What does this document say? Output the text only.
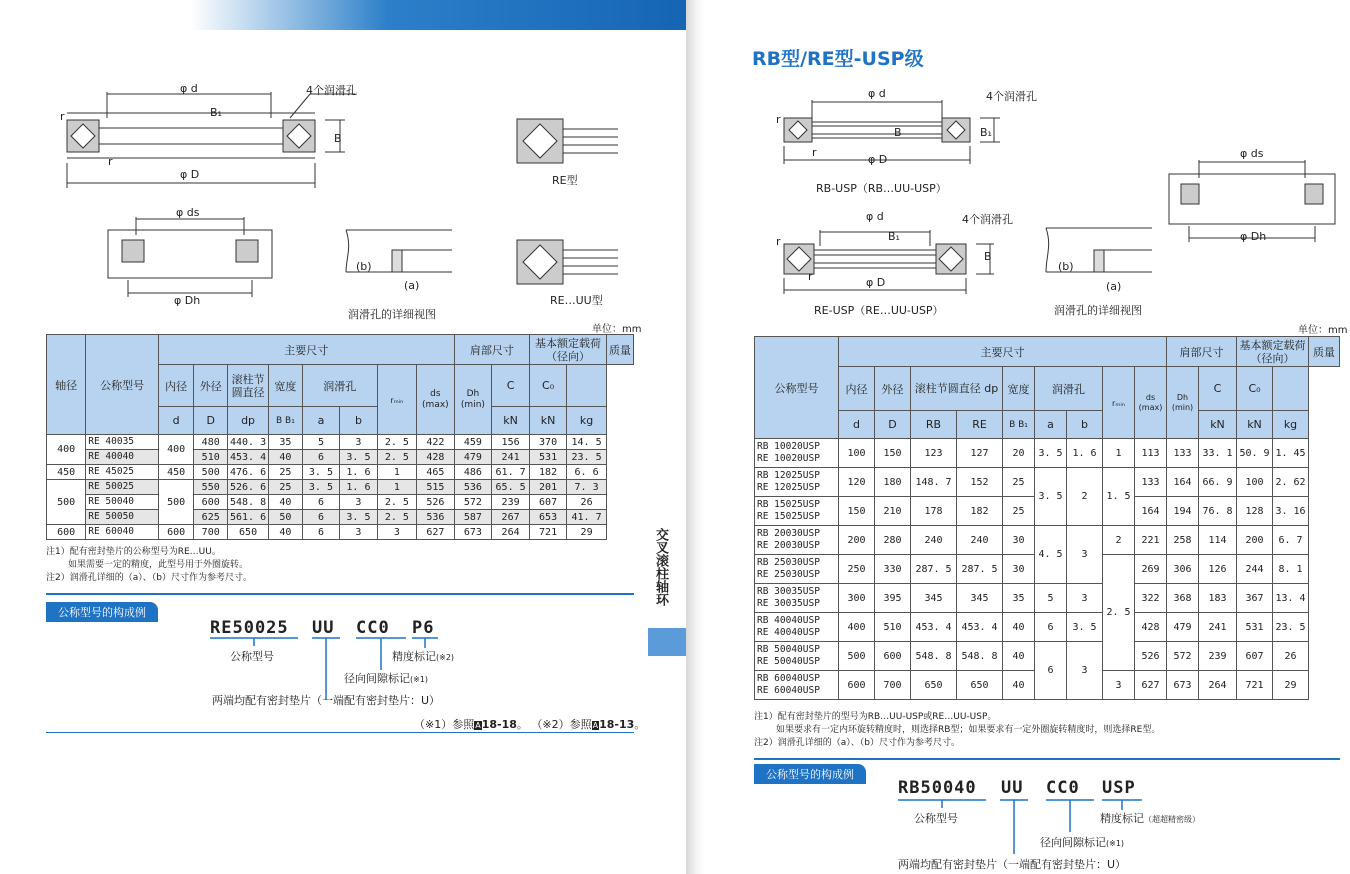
φ d
B₁
4个润滑孔
r
r
B
φ D	RE型
φ ds
φ Dh
(b)
(a)
润滑孔的详细视图
RE…UU型
单位：mm
轴径	公称型号	主要尺寸								肩部尺寸		基本额定载荷（径向）		质量
		内径	外径	滚柱节圆直径	宽度	润滑孔		rₘᵢₙ	ds (max)	Dh (min)	C	C₀		
		d	D	dp	B B₁	a	b				kN	kN	kg	
400	RE 40035	400	480	440. 3	35	5	3	2. 5	422	459	156	370	14. 5	
	RE 40040		510	453. 4	40	6	3. 5	2. 5	428	479	241	531	23. 5	
450	RE 45025	450	500	476. 6	25	3. 5	1. 6	1	465	486	61. 7	182	6. 6	
500	RE 50025	500	550	526. 6	25	3. 5	1. 6	1	515	536	65. 5	201	7. 3	
	RE 50040		600	548. 8	40	6	3	2. 5	526	572	239	607	26	
	RE 50050		625	561. 6	50	6	3. 5	2. 5	536	587	267	653	41. 7	
600	RE 60040	600	700	650	40	6	3	3	627	673	264	721	29	
注1）配有密封垫片的公称型号为RE…UU。
如果需要一定的精度，此型号用于外圈旋转。
注2）润滑孔详细的（a）、（b）尺寸作为参考尺寸。
公称型号的构成例
RE50025 UU CC0 P6
公称型号	精度标记(※2)
径向间隙标记(※1)
两端均配有密封垫片（一端配有密封垫片：U）
（※1）参照A18-18。 （※2）参照A18-13。
交叉滚柱轴环
RB型/RE型-USP级
φ d	4个润滑孔
r
r
B	B₁
φ D
RB-USP（RB…UU-USP）
φ ds
φ Dh
φ d
B₁
4个润滑孔
r
r
B
φ D
RE-USP（RE…UU-USP）
(b)
(a)
润滑孔的详细视图
单位：mm
公称型号	主要尺寸									肩部尺寸		基本额定载荷（径向）		质量
	内径	外径	滚柱节圆直径 dp		宽度	润滑孔		rₘᵢₙ	ds (max)	Dh (min)	C	C₀		
	d	D	RB	RE	B B₁	a	b				kN	kN	kg	

RB 10020USP
RE 10020USP	100	150	123	127	20	3. 5	1. 6	1	113	133	33. 1	50. 9	1. 45	

RB 12025USP
RE 12025USP	120	180	148. 7	152	25	3. 5	2	1. 5	133	164	66. 9	100	2. 62	

RB 15025USP
RE 15025USP	150	210	178	182	25				164	194	76. 8	128	3. 16	

RB 20030USP
RE 20030USP	200	280	240	240	30	4. 5	3	2	221	258	114	200	6. 7	

RB 25030USP
RE 25030USP	250	330	287. 5	287. 5	30			2. 5	269	306	126	244	8. 1	

RB 30035USP
RE 30035USP	300	395	345	345	35	5	3		322	368	183	367	13. 4	

RB 40040USP
RE 40040USP	400	510	453. 4	453. 4	40	6	3. 5		428	479	241	531	23. 5	

RB 50040USP
RE 50040USP	500	600	548. 8	548. 8	40	6	3		526	572	239	607	26	

RB 60040USP
RE 60040USP	600	700	650	650	40			3	627	673	264	721	29	
注1）配有密封垫片的型号为RB…UU-USP或RE…UU-USP。
如果要求有一定内环旋转精度时，则选择RB型；如果要求有一定外圈旋转精度时，则选择RE型。
注2）润滑孔详细的（a）、（b）尺寸作为参考尺寸。
公称型号的构成例
RB50040 UU CC0 USP
公称型号	精度标记（超超精密级）
径向间隙标记(※1)
两端均配有密封垫片（一端配有密封垫片：U）
